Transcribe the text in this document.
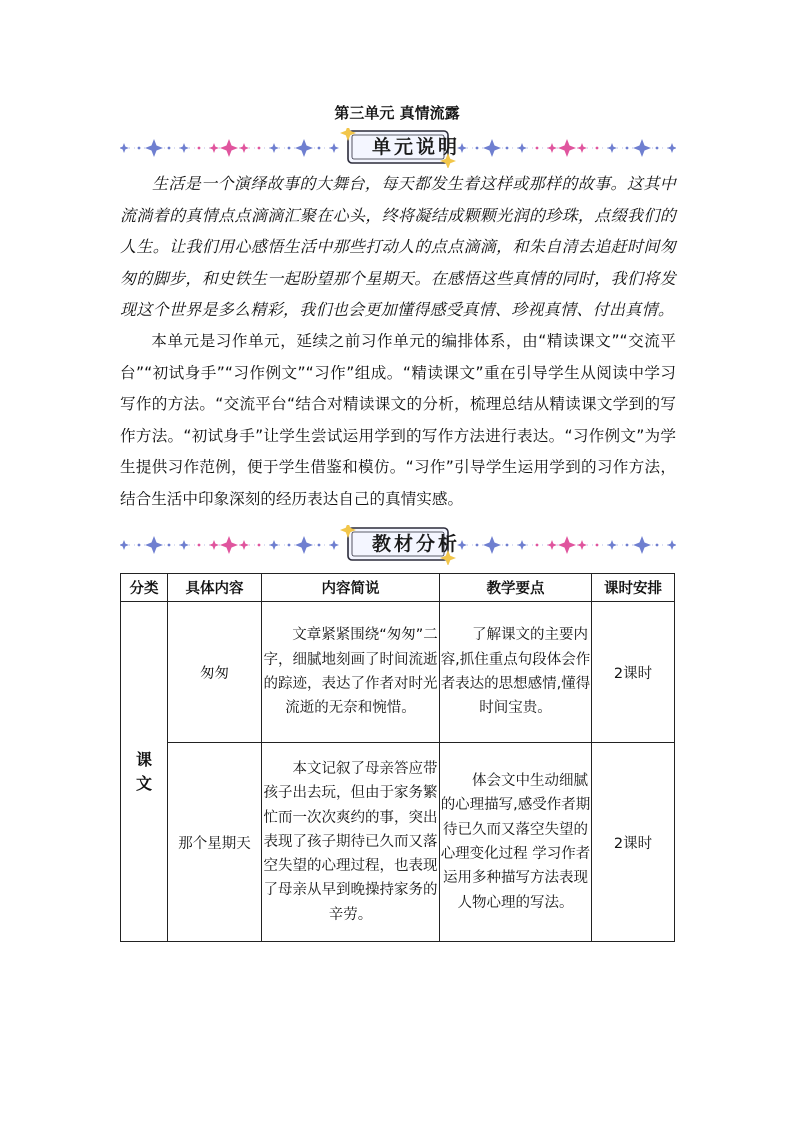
第三单元 真情流露
单元说明

生活是一个演绎故事的大舞台，每天都发生着这样或那样的故事。这其中流淌着的真情点点滴滴汇聚在心头，终将凝结成颗颗光润的珍珠，点缀我们的人生。让我们用心感悟生活中那些打动人的点点滴滴，和朱自清去追赶时间匆匆的脚步，和史铁生一起盼望那个星期天。在感悟这些真情的同时，我们将发现这个世界是多么精彩，我们也会更加懂得感受真情、珍视真情、付出真情。

本单元是习作单元，延续之前习作单元的编排体系，由“精读课文”“交流平台”“初试身手”“习作例文”“习作”组成。“精读课文”重在引导学生从阅读中学习写作的方法。“交流平台“结合对精读课文的分析，梳理总结从精读课文学到的写作方法。“初试身手”让学生尝试运用学到的写作方法进行表达。“习作例文”为学生提供习作范例，便于学生借鉴和模仿。“习作”引导学生运用学到的习作方法，结合生活中印象深刻的经历表达自己的真情实感。

教材分析
分类	具体内容	内容简说	教学要点	课时安排
课
文	匆匆	文章紧紧围绕“匆匆”二字，细腻地刻画了时间流逝的踪迹，表达了作者对时光流逝的无奈和惋惜。	了解课文的主要内容,抓住重点句段体会作者表达的思想感情,懂得时间宝贵。	2课时
	那个星期天	本文记叙了母亲答应带孩子出去玩，但由于家务繁忙而一次次爽约的事，突出表现了孩子期待已久而又落空失望的心理过程，也表现了母亲从早到晚操持家务的辛劳。	体会文中生动细腻的心理描写,感受作者期待已久而又落空失望的心理变化过程 学习作者运用多种描写方法表现人物心理的写法。	2课时
